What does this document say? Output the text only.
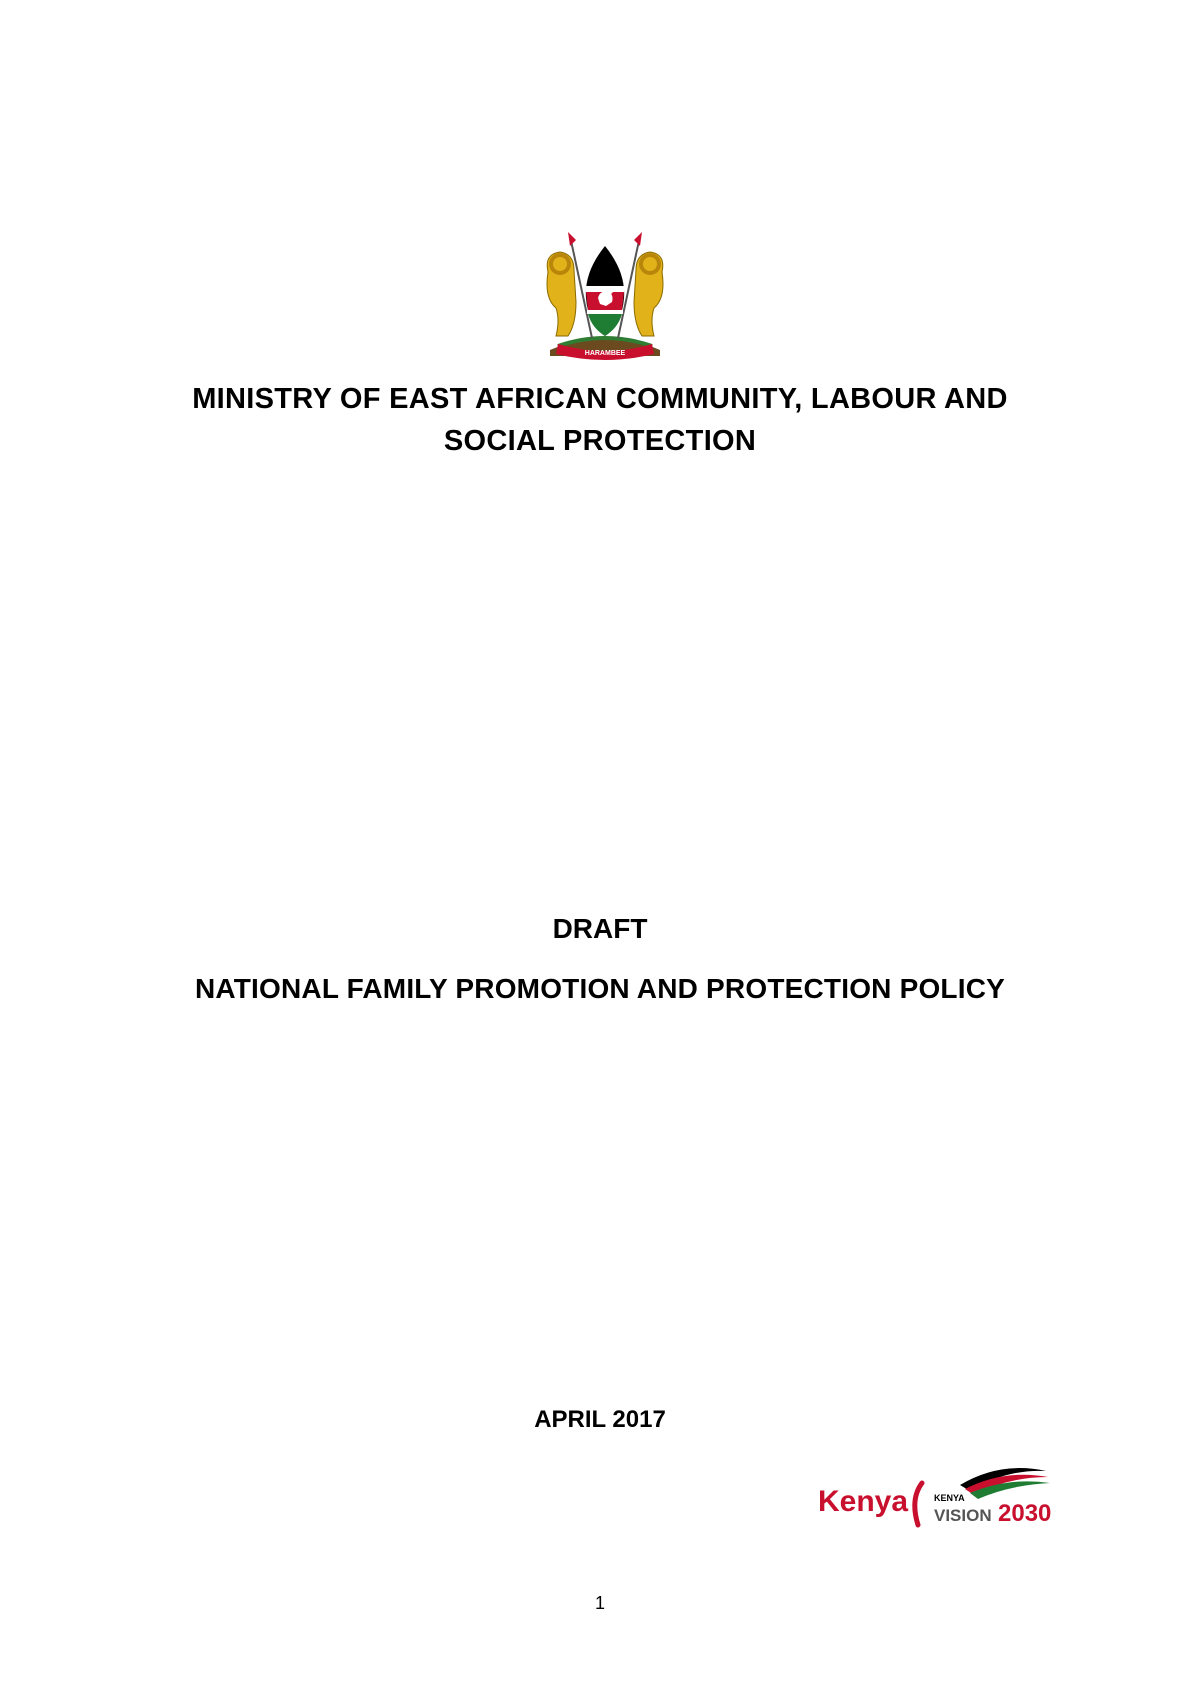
HARAMBEE
MINISTRY OF EAST AFRICAN COMMUNITY, LABOUR AND SOCIAL PROTECTION
DRAFT
NATIONAL FAMILY PROMOTION AND PROTECTION POLICY
APRIL 2017
Kenya	KENYA
VISION 2030
1
